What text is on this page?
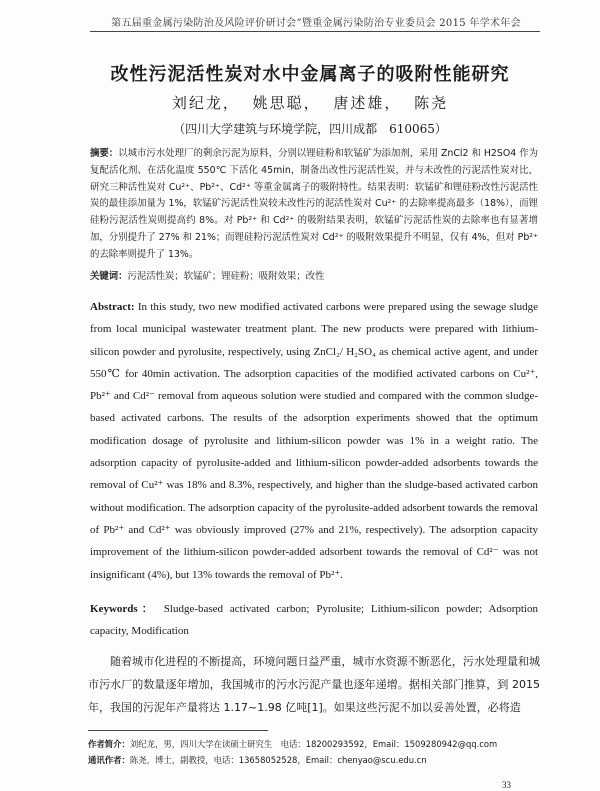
第五届重金属污染防治及风险评价研讨会”暨重金属污染防治专业委员会 2015 年学术年会
改性污泥活性炭对水中金属离子的吸附性能研究
刘纪龙， 姚思聪， 唐述雄， 陈尧
（四川大学建筑与环境学院，四川成都　610065）
摘要：以城市污水处理厂的剩余污泥为原料，分别以锂硅粉和软锰矿为添加剂，采用 ZnCl2 和 H2SO4 作为复配活化剂、在活化温度 550℃ 下活化 45min，制备出改性污泥活性炭，并与未改性的污泥活性炭对比，研究三种活性炭对 Cu²⁺、Pb²⁺、Cd²⁺ 等重金属离子的吸附特性。结果表明：软锰矿和锂硅粉改性污泥活性炭的最佳添加量为 1%，软锰矿污泥活性炭较未改性污的泥活性炭对 Cu²⁺ 的去除率提高最多（18%），而锂硅粉污泥活性炭则提高约 8%。对 Pb²⁺ 和 Cd²⁺ 的吸附结果表明，软锰矿污泥活性炭的去除率也有显著增加，分别提升了 27% 和 21%；而锂硅粉污泥活性炭对 Cd²⁺ 的吸附效果提升不明显，仅有 4%，但对 Pb²⁺ 的去除率则提升了 13%。
关键词：污泥活性炭；软锰矿；锂硅粉；吸附效果；改性
Abstract: In this study, two new modified activated carbons were prepared using the sewage sludge from local municipal wastewater treatment plant. The new products were prepared with lithium-silicon powder and pyrolusite, respectively, using ZnCl₂/ H₂SO₄ as chemical active agent, and under 550℃ for 40min activation. The adsorption capacities of the modified activated carbons on Cu²⁺, Pb²⁺ and Cd²⁻ removal from aqueous solution were studied and compared with the common sludge-based activated carbons. The results of the adsorption experiments showed that the optimum modification dosage of pyrolusite and lithium-silicon powder was 1% in a weight ratio. The adsorption capacity of pyrolusite-added and lithium-silicon powder-added adsorbents towards the removal of Cu²⁺ was 18% and 8.3%, respectively, and higher than the sludge-based activated carbon without modification. The adsorption capacity of the pyrolusite-added adsorbent towards the removal of Pb²⁺ and Cd²⁺ was obviously improved (27% and 21%, respectively). The adsorption capacity improvement of the lithium-silicon powder-added adsorbent towards the removal of Cd²⁻ was not insignificant (4%), but 13% towards the removal of Pb²⁺.
Keywords： Sludge-based activated carbon; Pyrolusite; Lithium-silicon powder; Adsorption capacity, Modification
随着城市化进程的不断提高，环境问题日益严重，城市水资源不断恶化，污水处理量和城市污水厂的数量逐年增加，我国城市的污水污泥产量也逐年递增。据相关部门推算，到 2015 年，我国的污泥年产量将达 1.17~1.98 亿吨[1]。如果这些污泥不加以妥善处置，必将造
作者简介：刘纪龙，男，四川大学在读硕士研究生　电话：18200293592，Email：1509280942@qq.com
通讯作者：陈尧，博士，副教授，电话：13658052528，Email：chenyao@scu.edu.cn
33
